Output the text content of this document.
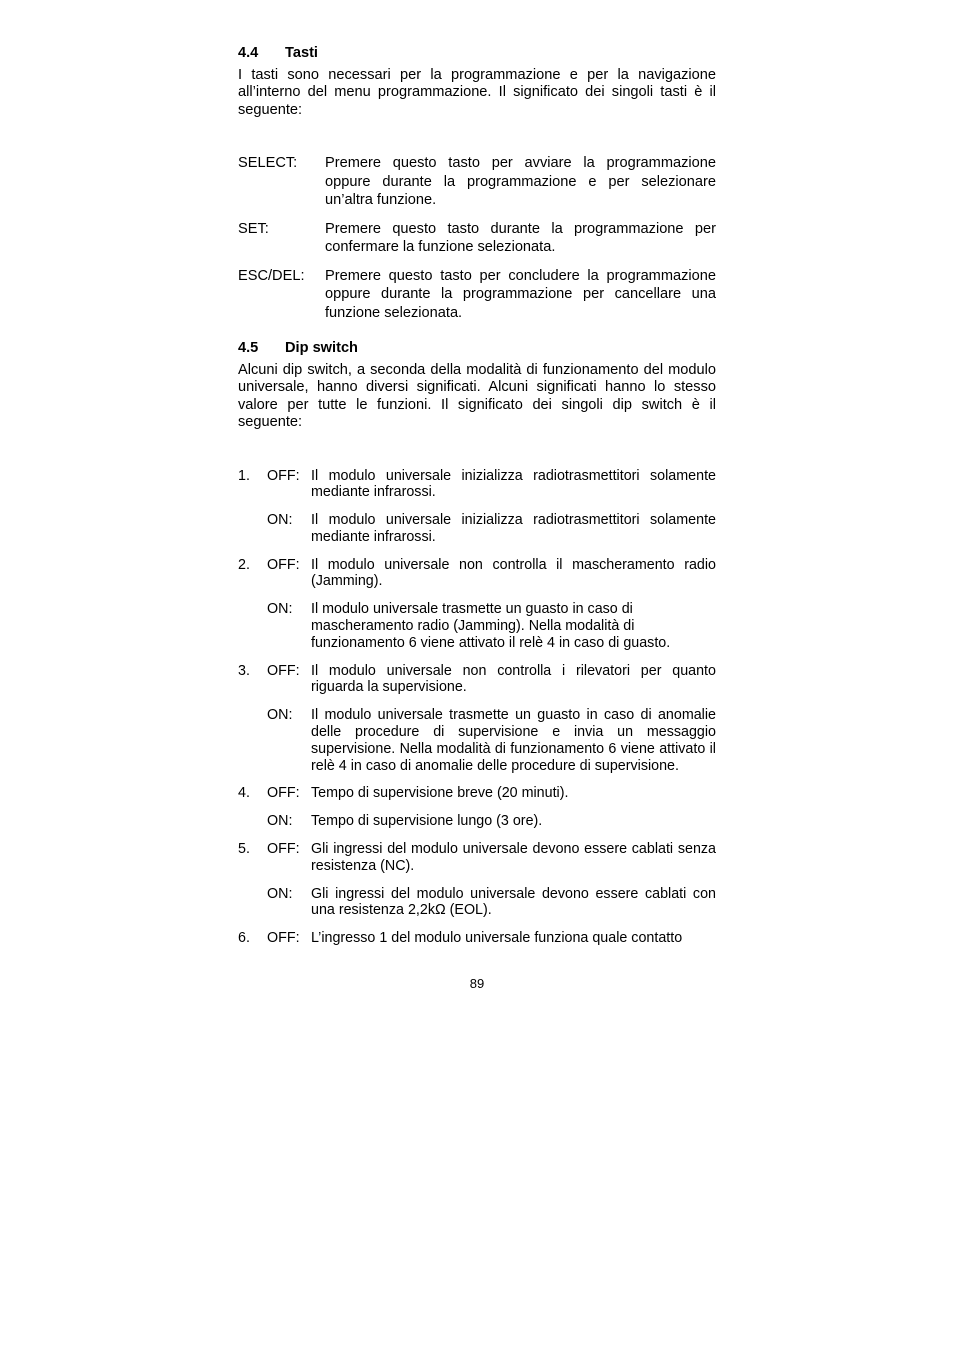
4.4 Tasti

I tasti sono necessari per la programmazione e per la navigazione all’interno del menu programmazione. Il significato dei singoli tasti è il seguente:

SELECT:	Premere questo tasto per avviare la programmazione oppure durante la programmazione e per selezionare un’altra funzione.
SET:	Premere questo tasto durante la programmazione per confermare la funzione selezionata.
ESC/DEL:	Premere questo tasto per concludere la programmazione oppure durante la programmazione per cancellare una funzione selezionata.
4.5 Dip switch

Alcuni dip switch, a seconda della modalità di funzionamento del modulo universale, hanno diversi significati. Alcuni significati hanno lo stesso valore per tutte le funzioni. Il significato dei singoli dip switch è il seguente:

1.	OFF: Il modulo universale inizializza radiotrasmettitori solamente mediante infrarossi.
ON:	Il modulo universale inizializza radiotrasmettitori solamente mediante infrarossi.
2.	OFF: Il modulo universale non controlla il mascheramento radio (Jamming).
ON:	Il modulo universale trasmette un guasto in caso di mascheramento radio (Jamming). Nella modalità di funzionamento 6 viene attivato il relè 4 in caso di guasto.
3.	OFF: Il modulo universale non controlla i rilevatori per quanto riguarda la supervisione.
ON:	Il modulo universale trasmette un guasto in caso di anomalie delle procedure di supervisione e invia un messaggio supervisione. Nella modalità di funzionamento 6 viene attivato il relè 4 in caso di anomalie delle procedure di supervisione.
4.	OFF: Tempo di supervisione breve (20 minuti).
ON:	Tempo di supervisione lungo (3 ore).
5.	OFF: Gli ingressi del modulo universale devono essere cablati senza resistenza (NC).
ON:	Gli ingressi del modulo universale devono essere cablati con una resistenza 2,2kΩ (EOL).
6.	OFF: L’ingresso 1 del modulo universale funziona quale contatto
89
